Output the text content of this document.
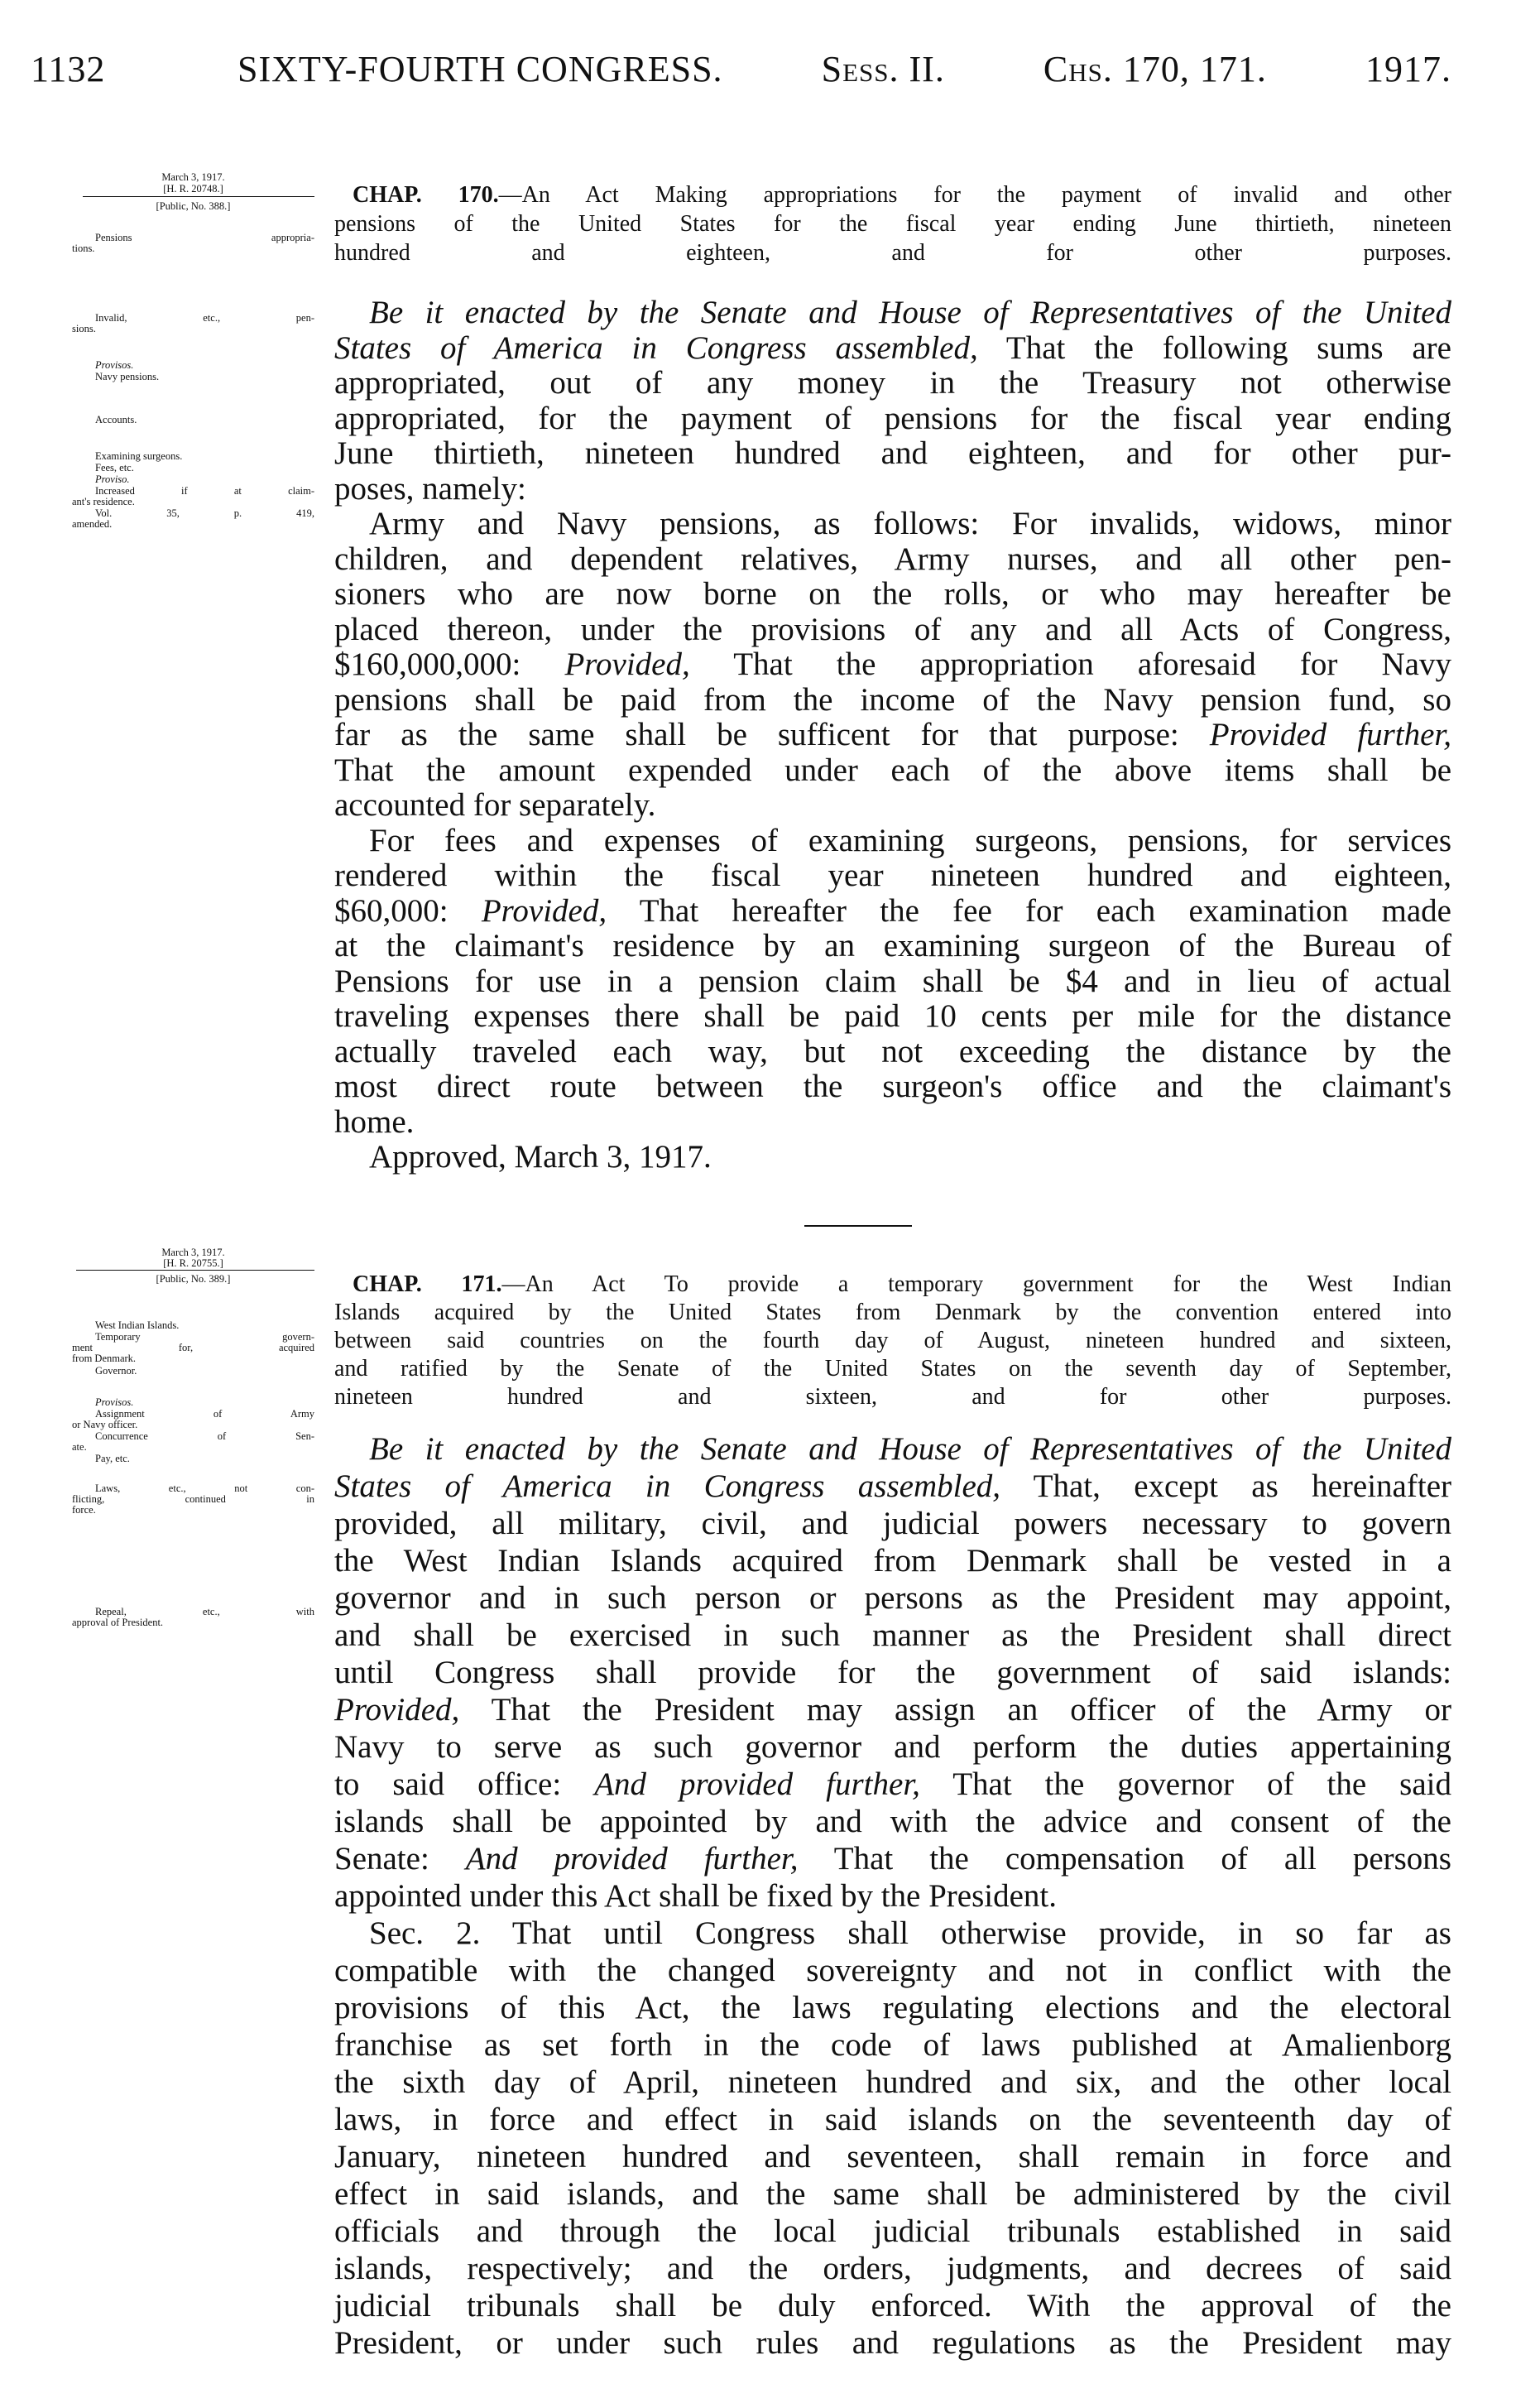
1132	SIXTY-FOURTH CONGRESS.	Sess. II.	Chs. 170, 171.	1917.
March 3, 1917.
[H. R. 20748.]
[Public, No. 388.]
Pensions appropria-
tions.
Invalid, etc., pen-
sions.
Provisos.
Navy pensions.
Accounts.
Examining surgeons.
Fees, etc.
Proviso.
Increased if at claim-
ant's residence.
Vol. 35, p. 419,
amended.
CHAP. 170.—An Act Making appropriations for the payment of invalid and other
pensions of the United States for the fiscal year ending June thirtieth, nineteen
hundred and eighteen, and for other purposes.
Be it enacted by the Senate and House of Representatives of the United
States of America in Congress assembled, That the following sums are
appropriated, out of any money in the Treasury not otherwise
appropriated, for the payment of pensions for the fiscal year ending
June thirtieth, nineteen hundred and eighteen, and for other pur-
poses, namely:
Army and Navy pensions, as follows: For invalids, widows, minor
children, and dependent relatives, Army nurses, and all other pen-
sioners who are now borne on the rolls, or who may hereafter be
placed thereon, under the provisions of any and all Acts of Congress,
$160,000,000: Provided, That the appropriation aforesaid for Navy
pensions shall be paid from the income of the Navy pension fund, so
far as the same shall be sufficent for that purpose: Provided further,
That the amount expended under each of the above items shall be
accounted for separately.
For fees and expenses of examining surgeons, pensions, for services
rendered within the fiscal year nineteen hundred and eighteen,
$60,000: Provided, That hereafter the fee for each examination made
at the claimant's residence by an examining surgeon of the Bureau of
Pensions for use in a pension claim shall be $4 and in lieu of actual
traveling expenses there shall be paid 10 cents per mile for the distance
actually traveled each way, but not exceeding the distance by the
most direct route between the surgeon's office and the claimant's
home.
Approved, March 3, 1917.
March 3, 1917.
[H. R. 20755.]
[Public, No. 389.]
West Indian Islands.
Temporary govern-
ment for, acquired
from Denmark.
Governor.
Provisos.
Assignment of Army
or Navy officer.
Concurrence of Sen-
ate.
Pay, etc.
Laws, etc., not con-
flicting, continued in
force.
Repeal, etc., with
approval of President.
CHAP. 171.—An Act To provide a temporary government for the West Indian
Islands acquired by the United States from Denmark by the convention entered into
between said countries on the fourth day of August, nineteen hundred and sixteen,
and ratified by the Senate of the United States on the seventh day of September,
nineteen hundred and sixteen, and for other purposes.
Be it enacted by the Senate and House of Representatives of the United
States of America in Congress assembled, That, except as hereinafter
provided, all military, civil, and judicial powers necessary to govern
the West Indian Islands acquired from Denmark shall be vested in a
governor and in such person or persons as the President may appoint,
and shall be exercised in such manner as the President shall direct
until Congress shall provide for the government of said islands:
Provided, That the President may assign an officer of the Army or
Navy to serve as such governor and perform the duties appertaining
to said office: And provided further, That the governor of the said
islands shall be appointed by and with the advice and consent of the
Senate: And provided further, That the compensation of all persons
appointed under this Act shall be fixed by the President.
Sec. 2. That until Congress shall otherwise provide, in so far as
compatible with the changed sovereignty and not in conflict with the
provisions of this Act, the laws regulating elections and the electoral
franchise as set forth in the code of laws published at Amalienborg
the sixth day of April, nineteen hundred and six, and the other local
laws, in force and effect in said islands on the seventeenth day of
January, nineteen hundred and seventeen, shall remain in force and
effect in said islands, and the same shall be administered by the civil
officials and through the local judicial tribunals established in said
islands, respectively; and the orders, judgments, and decrees of said
judicial tribunals shall be duly enforced. With the approval of the
President, or under such rules and regulations as the President may
